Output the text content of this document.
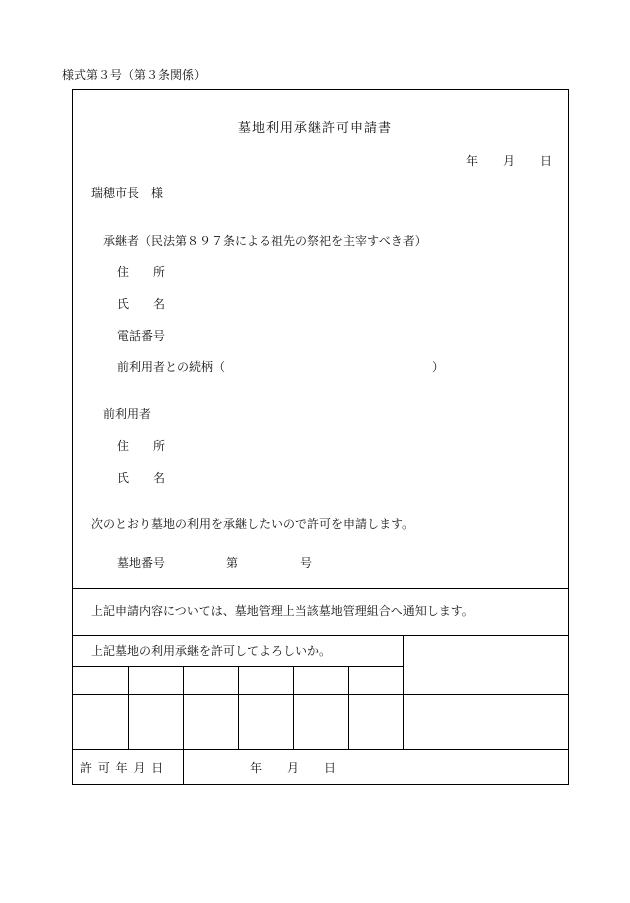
様式第３号（第３条関係）
墓地利用承継許可申請書
年 月 日
瑞穂市長　様
承継者（民法第８９７条による祖先の祭祀を主宰すべき者）
住　　所
氏　　名
電話番号
前利用者との続柄（	）
前利用者
住　　所
氏　　名
次のとおり墓地の利用を承継したいので許可を申請します。
墓地番号	第	号
上記申請内容については、墓地管理上当該墓地管理組合へ通知します。
上記墓地の利用承継を許可してよろしいか。
許 可 年 月 日	年 月 日
